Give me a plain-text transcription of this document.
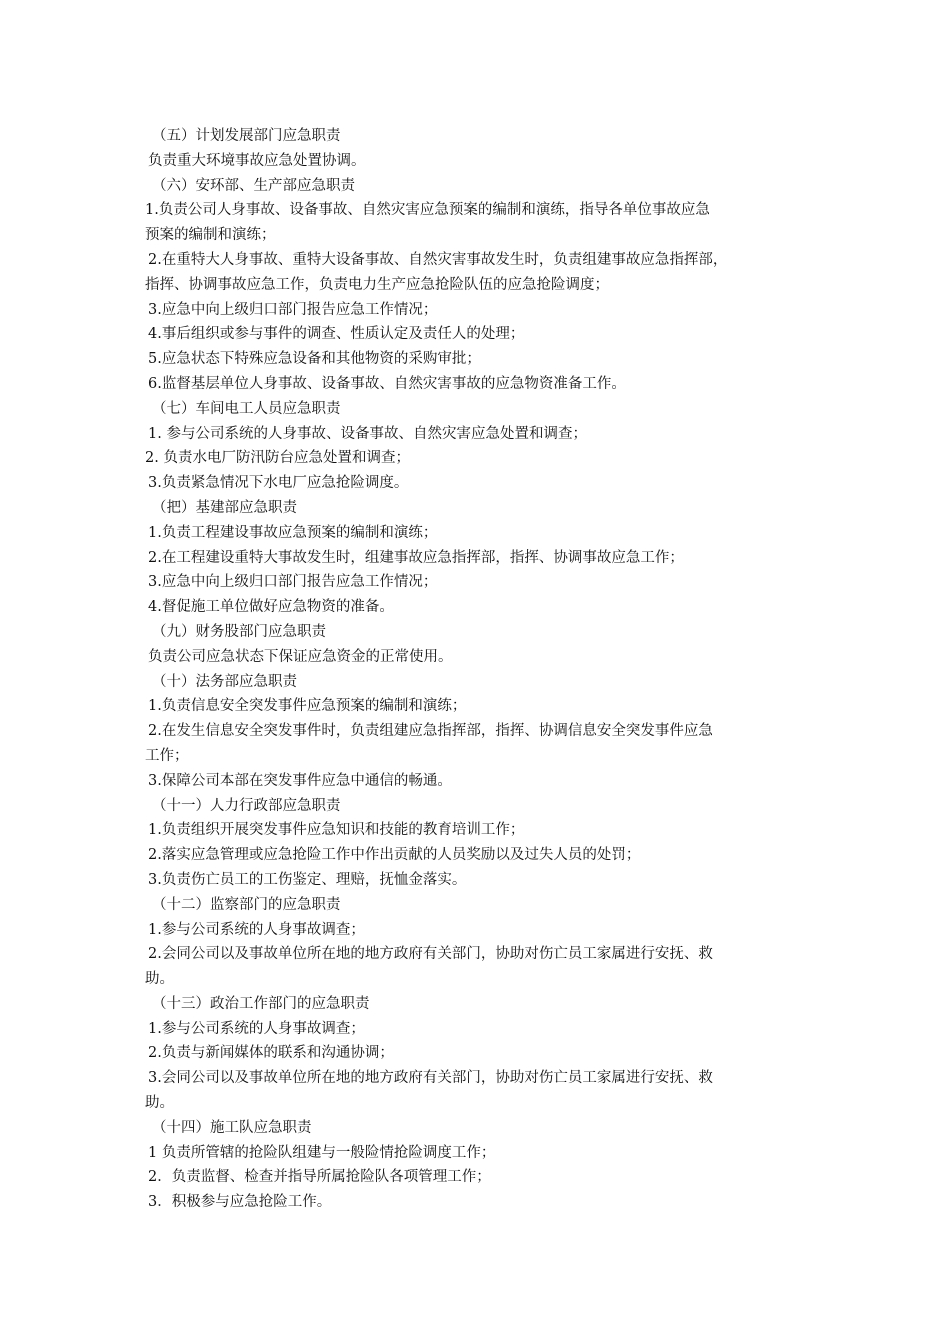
（五）计划发展部门应急职责
负责重大环境事故应急处置协调。
（六）安环部、生产部应急职责
1.负责公司人身事故、设备事故、自然灾害应急预案的编制和演练，指导各单位事故应急
预案的编制和演练；
2.在重特大人身事故、重特大设备事故、自然灾害事故发生时，负责组建事故应急指挥部，
指挥、协调事故应急工作，负责电力生产应急抢险队伍的应急抢险调度；
3.应急中向上级归口部门报告应急工作情况；
4.事后组织或参与事件的调查、性质认定及责任人的处理；
5.应急状态下特殊应急设备和其他物资的采购审批；
6.监督基层单位人身事故、设备事故、自然灾害事故的应急物资准备工作。
（七）车间电工人员应急职责
1. 参与公司系统的人身事故、设备事故、自然灾害应急处置和调查；
2. 负责水电厂防汛防台应急处置和调查；
3.负责紧急情况下水电厂应急抢险调度。
（把）基建部应急职责
1.负责工程建设事故应急预案的编制和演练；
2.在工程建设重特大事故发生时，组建事故应急指挥部，指挥、协调事故应急工作；
3.应急中向上级归口部门报告应急工作情况；
4.督促施工单位做好应急物资的准备。
（九）财务股部门应急职责
负责公司应急状态下保证应急资金的正常使用。
（十）法务部应急职责
1.负责信息安全突发事件应急预案的编制和演练；
2.在发生信息安全突发事件时，负责组建应急指挥部，指挥、协调信息安全突发事件应急
工作；
3.保障公司本部在突发事件应急中通信的畅通。
（十一）人力行政部应急职责
1.负责组织开展突发事件应急知识和技能的教育培训工作；
2.落实应急管理或应急抢险工作中作出贡献的人员奖励以及过失人员的处罚；
3.负责伤亡员工的工伤鉴定、理赔，抚恤金落实。
（十二）监察部门的应急职责
1.参与公司系统的人身事故调查；
2.会同公司以及事故单位所在地的地方政府有关部门，协助对伤亡员工家属进行安抚、救
助。
（十三）政治工作部门的应急职责
1.参与公司系统的人身事故调查；
2.负责与新闻媒体的联系和沟通协调；
3.会同公司以及事故单位所在地的地方政府有关部门，协助对伤亡员工家属进行安抚、救
助。
（十四）施工队应急职责
1 负责所管辖的抢险队组建与一般险情抢险调度工作；
2．负责监督、检查并指导所属抢险队各项管理工作；
3．积极参与应急抢险工作。
